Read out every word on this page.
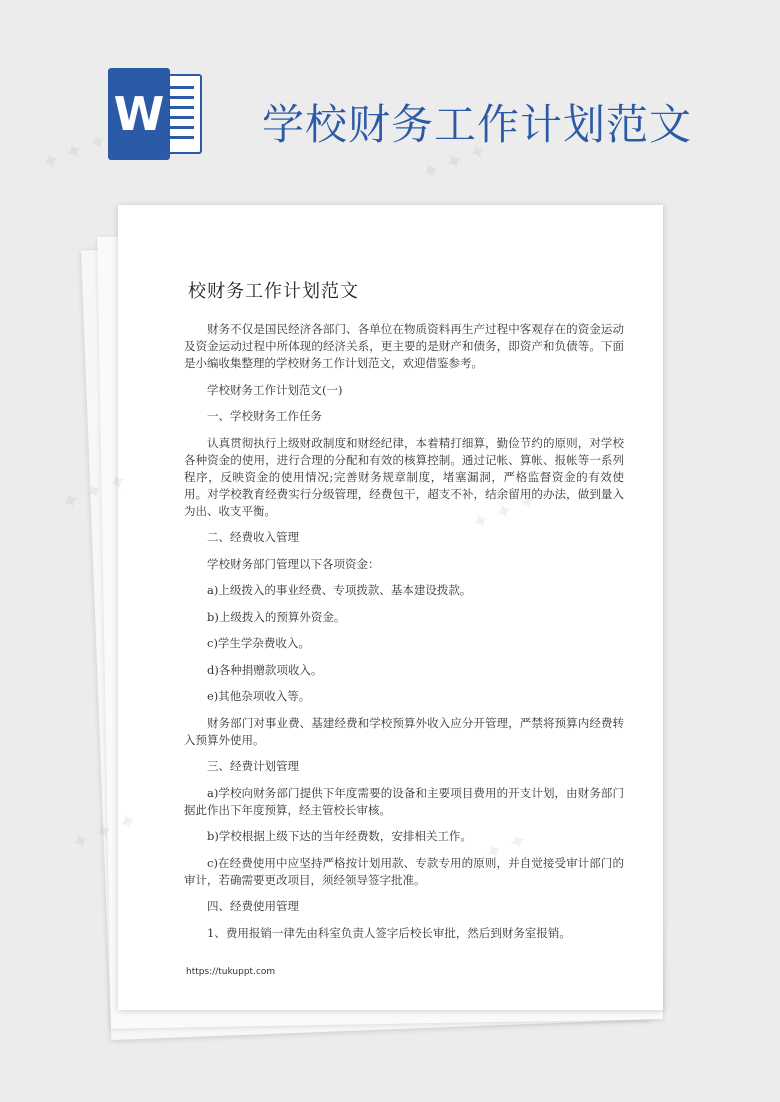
W 学校财务工作计划范文
校财务工作计划范文

财务不仅是国民经济各部门、各单位在物质资料再生产过程中客观存在的资金运动及资金运动过程中所体现的经济关系，更主要的是财产和债务，即资产和负债等。下面是小编收集整理的学校财务工作计划范文，欢迎借鉴参考。

学校财务工作计划范文(一)

一、学校财务工作任务

认真贯彻执行上级财政制度和财经纪律，本着精打细算，勤俭节约的原则，对学校各种资金的使用，进行合理的分配和有效的核算控制。通过记帐、算帐、报帐等一系列程序，反映资金的使用情况;完善财务规章制度，堵塞漏洞，严格监督资金的有效使用。对学校教育经费实行分级管理，经费包干，超支不补，结余留用的办法，做到量入为出、收支平衡。

二、经费收入管理

学校财务部门管理以下各项资金：

a)上级拨入的事业经费、专项拨款、基本建设拨款。

b)上级拨入的预算外资金。

c)学生学杂费收入。

d)各种捐赠款项收入。

e)其他杂项收入等。

财务部门对事业费、基建经费和学校预算外收入应分开管理，严禁将预算内经费转入预算外使用。

三、经费计划管理

a)学校向财务部门提供下年度需要的设备和主要项目费用的开支计划，由财务部门据此作出下年度预算，经主管校长审核。

b)学校根据上级下达的当年经费数，安排相关工作。

c)在经费使用中应坚持严格按计划用款、专款专用的原则，并自觉接受审计部门的审计，若确需要更改项目，须经领导签字批准。

四、经费使用管理

1、费用报销一律先由科室负责人签字后校长审批，然后到财务室报销。

https://tukuppt.com
✦ ✦ ✦	✦ ✦ ✦
✦
✦
